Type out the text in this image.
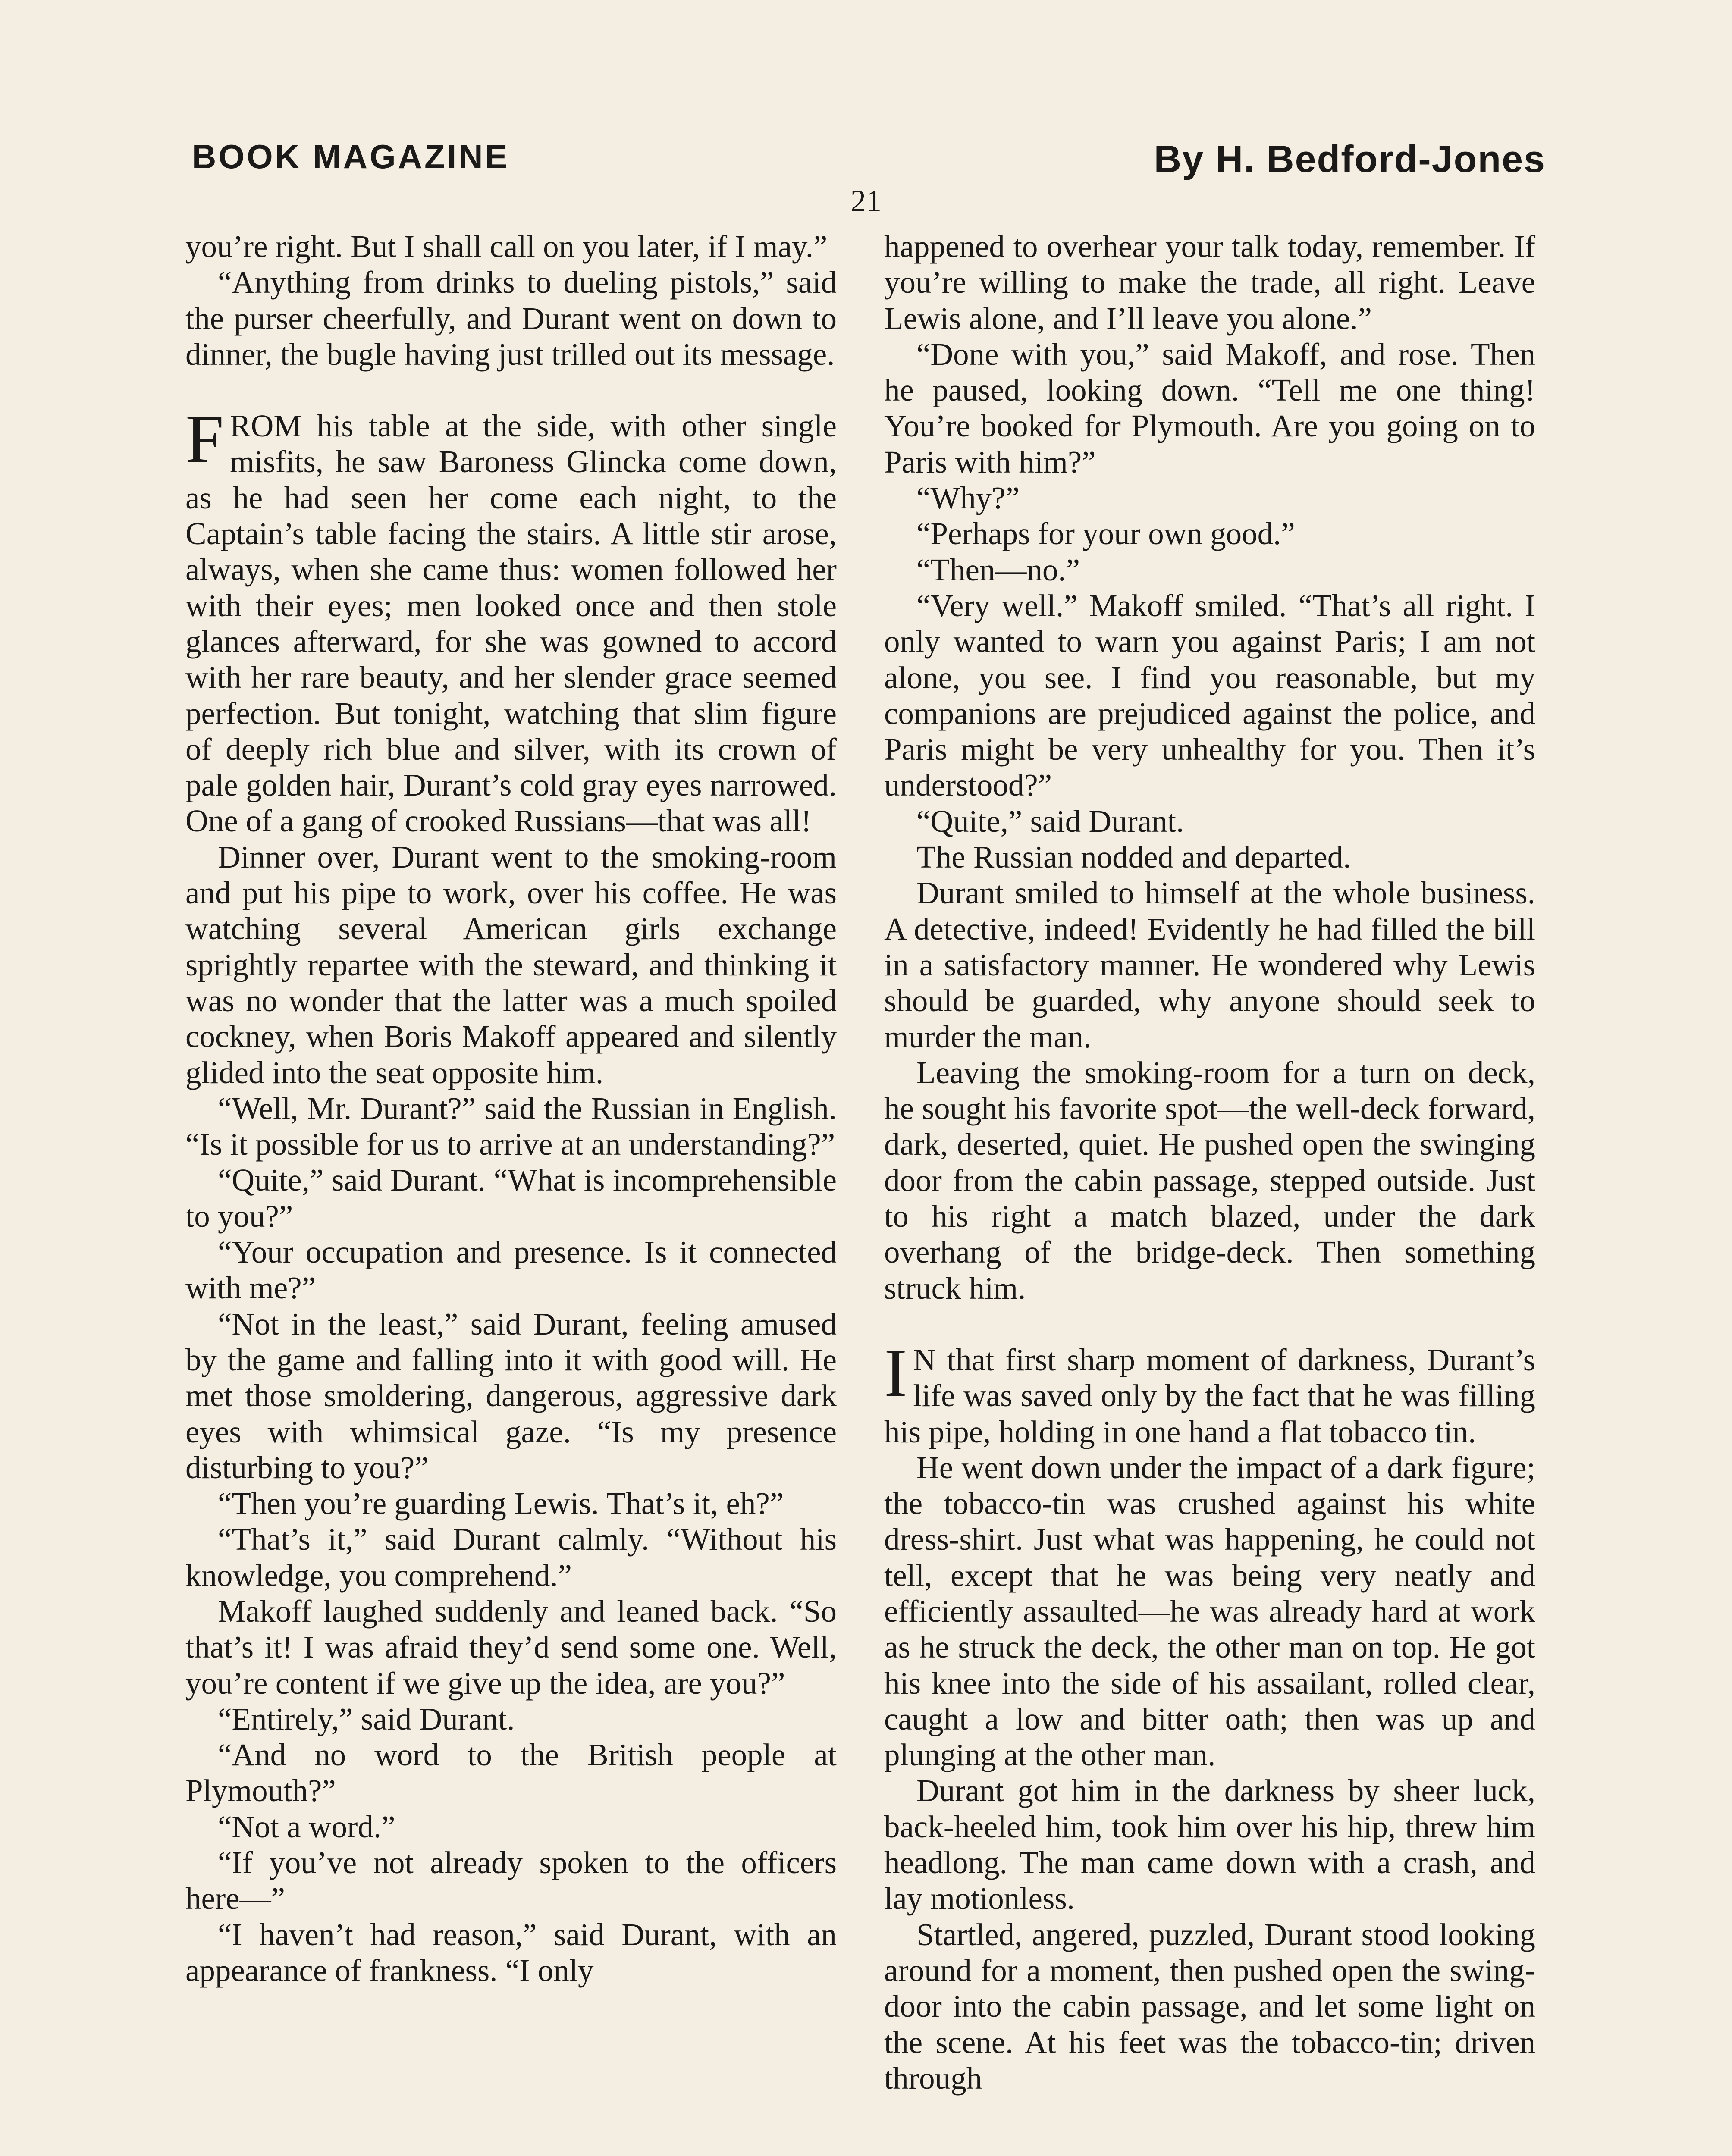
BOOK MAGAZINE	By H. Bedford-Jones
21

you’re right. But I shall call on you later, if I may.”

“Anything from drinks to dueling pistols,” said the purser cheerfully, and Durant went on down to dinner, the bugle having just trilled out its message.

FROM his table at the side, with other single misfits, he saw Baroness Glincka come down, as he had seen her come each night, to the Captain’s table facing the stairs. A little stir arose, always, when she came thus: women followed her with their eyes; men looked once and then stole glances afterward, for she was gowned to accord with her rare beauty, and her slender grace seemed perfection. But tonight, watching that slim figure of deeply rich blue and silver, with its crown of pale golden hair, Durant’s cold gray eyes narrowed. One of a gang of crooked Russians—that was all!

Dinner over, Durant went to the smoking-room and put his pipe to work, over his coffee. He was watching several American girls exchange sprightly repartee with the steward, and thinking it was no wonder that the latter was a much spoiled cockney, when Boris Makoff appeared and silently glided into the seat opposite him.

“Well, Mr. Durant?” said the Russian in English. “Is it possible for us to arrive at an understanding?”

“Quite,” said Durant. “What is incomprehensible to you?”

“Your occupation and presence. Is it connected with me?”

“Not in the least,” said Durant, feeling amused by the game and falling into it with good will. He met those smoldering, dangerous, aggressive dark eyes with whimsical gaze. “Is my presence disturbing to you?”

“Then you’re guarding Lewis. That’s it, eh?”

“That’s it,” said Durant calmly. “Without his knowledge, you comprehend.”

Makoff laughed suddenly and leaned back. “So that’s it! I was afraid they’d send some one. Well, you’re content if we give up the idea, are you?”

“Entirely,” said Durant.

“And no word to the British people at Plymouth?”

“Not a word.”

“If you’ve not already spoken to the officers here—”

“I haven’t had reason,” said Durant, with an appearance of frankness. “I only

happened to overhear your talk today, remember. If you’re willing to make the trade, all right. Leave Lewis alone, and I’ll leave you alone.”

“Done with you,” said Makoff, and rose. Then he paused, looking down. “Tell me one thing! You’re booked for Plymouth. Are you going on to Paris with him?”

“Why?”

“Perhaps for your own good.”

“Then—no.”

“Very well.” Makoff smiled. “That’s all right. I only wanted to warn you against Paris; I am not alone, you see. I find you reasonable, but my companions are prejudiced against the police, and Paris might be very unhealthy for you. Then it’s understood?”

“Quite,” said Durant.

The Russian nodded and departed.

Durant smiled to himself at the whole business. A detective, indeed! Evidently he had filled the bill in a satisfactory manner. He wondered why Lewis should be guarded, why anyone should seek to murder the man.

Leaving the smoking-room for a turn on deck, he sought his favorite spot—the well-deck forward, dark, deserted, quiet. He pushed open the swinging door from the cabin passage, stepped outside. Just to his right a match blazed, under the dark overhang of the bridge-deck. Then something struck him.

I N that first sharp moment of darkness, Durant’s life was saved only by the fact that he was filling his pipe, holding in one hand a flat tobacco tin.

He went down under the impact of a dark figure; the tobacco-tin was crushed against his white dress-shirt. Just what was happening, he could not tell, except that he was being very neatly and efficiently assaulted—he was already hard at work as he struck the deck, the other man on top. He got his knee into the side of his assailant, rolled clear, caught a low and bitter oath; then was up and plunging at the other man.

Durant got him in the darkness by sheer luck, back-heeled him, took him over his hip, threw him headlong. The man came down with a crash, and lay motionless.

Startled, angered, puzzled, Durant stood looking around for a moment, then pushed open the swing-door into the cabin passage, and let some light on the scene. At his feet was the tobacco-tin; driven through
